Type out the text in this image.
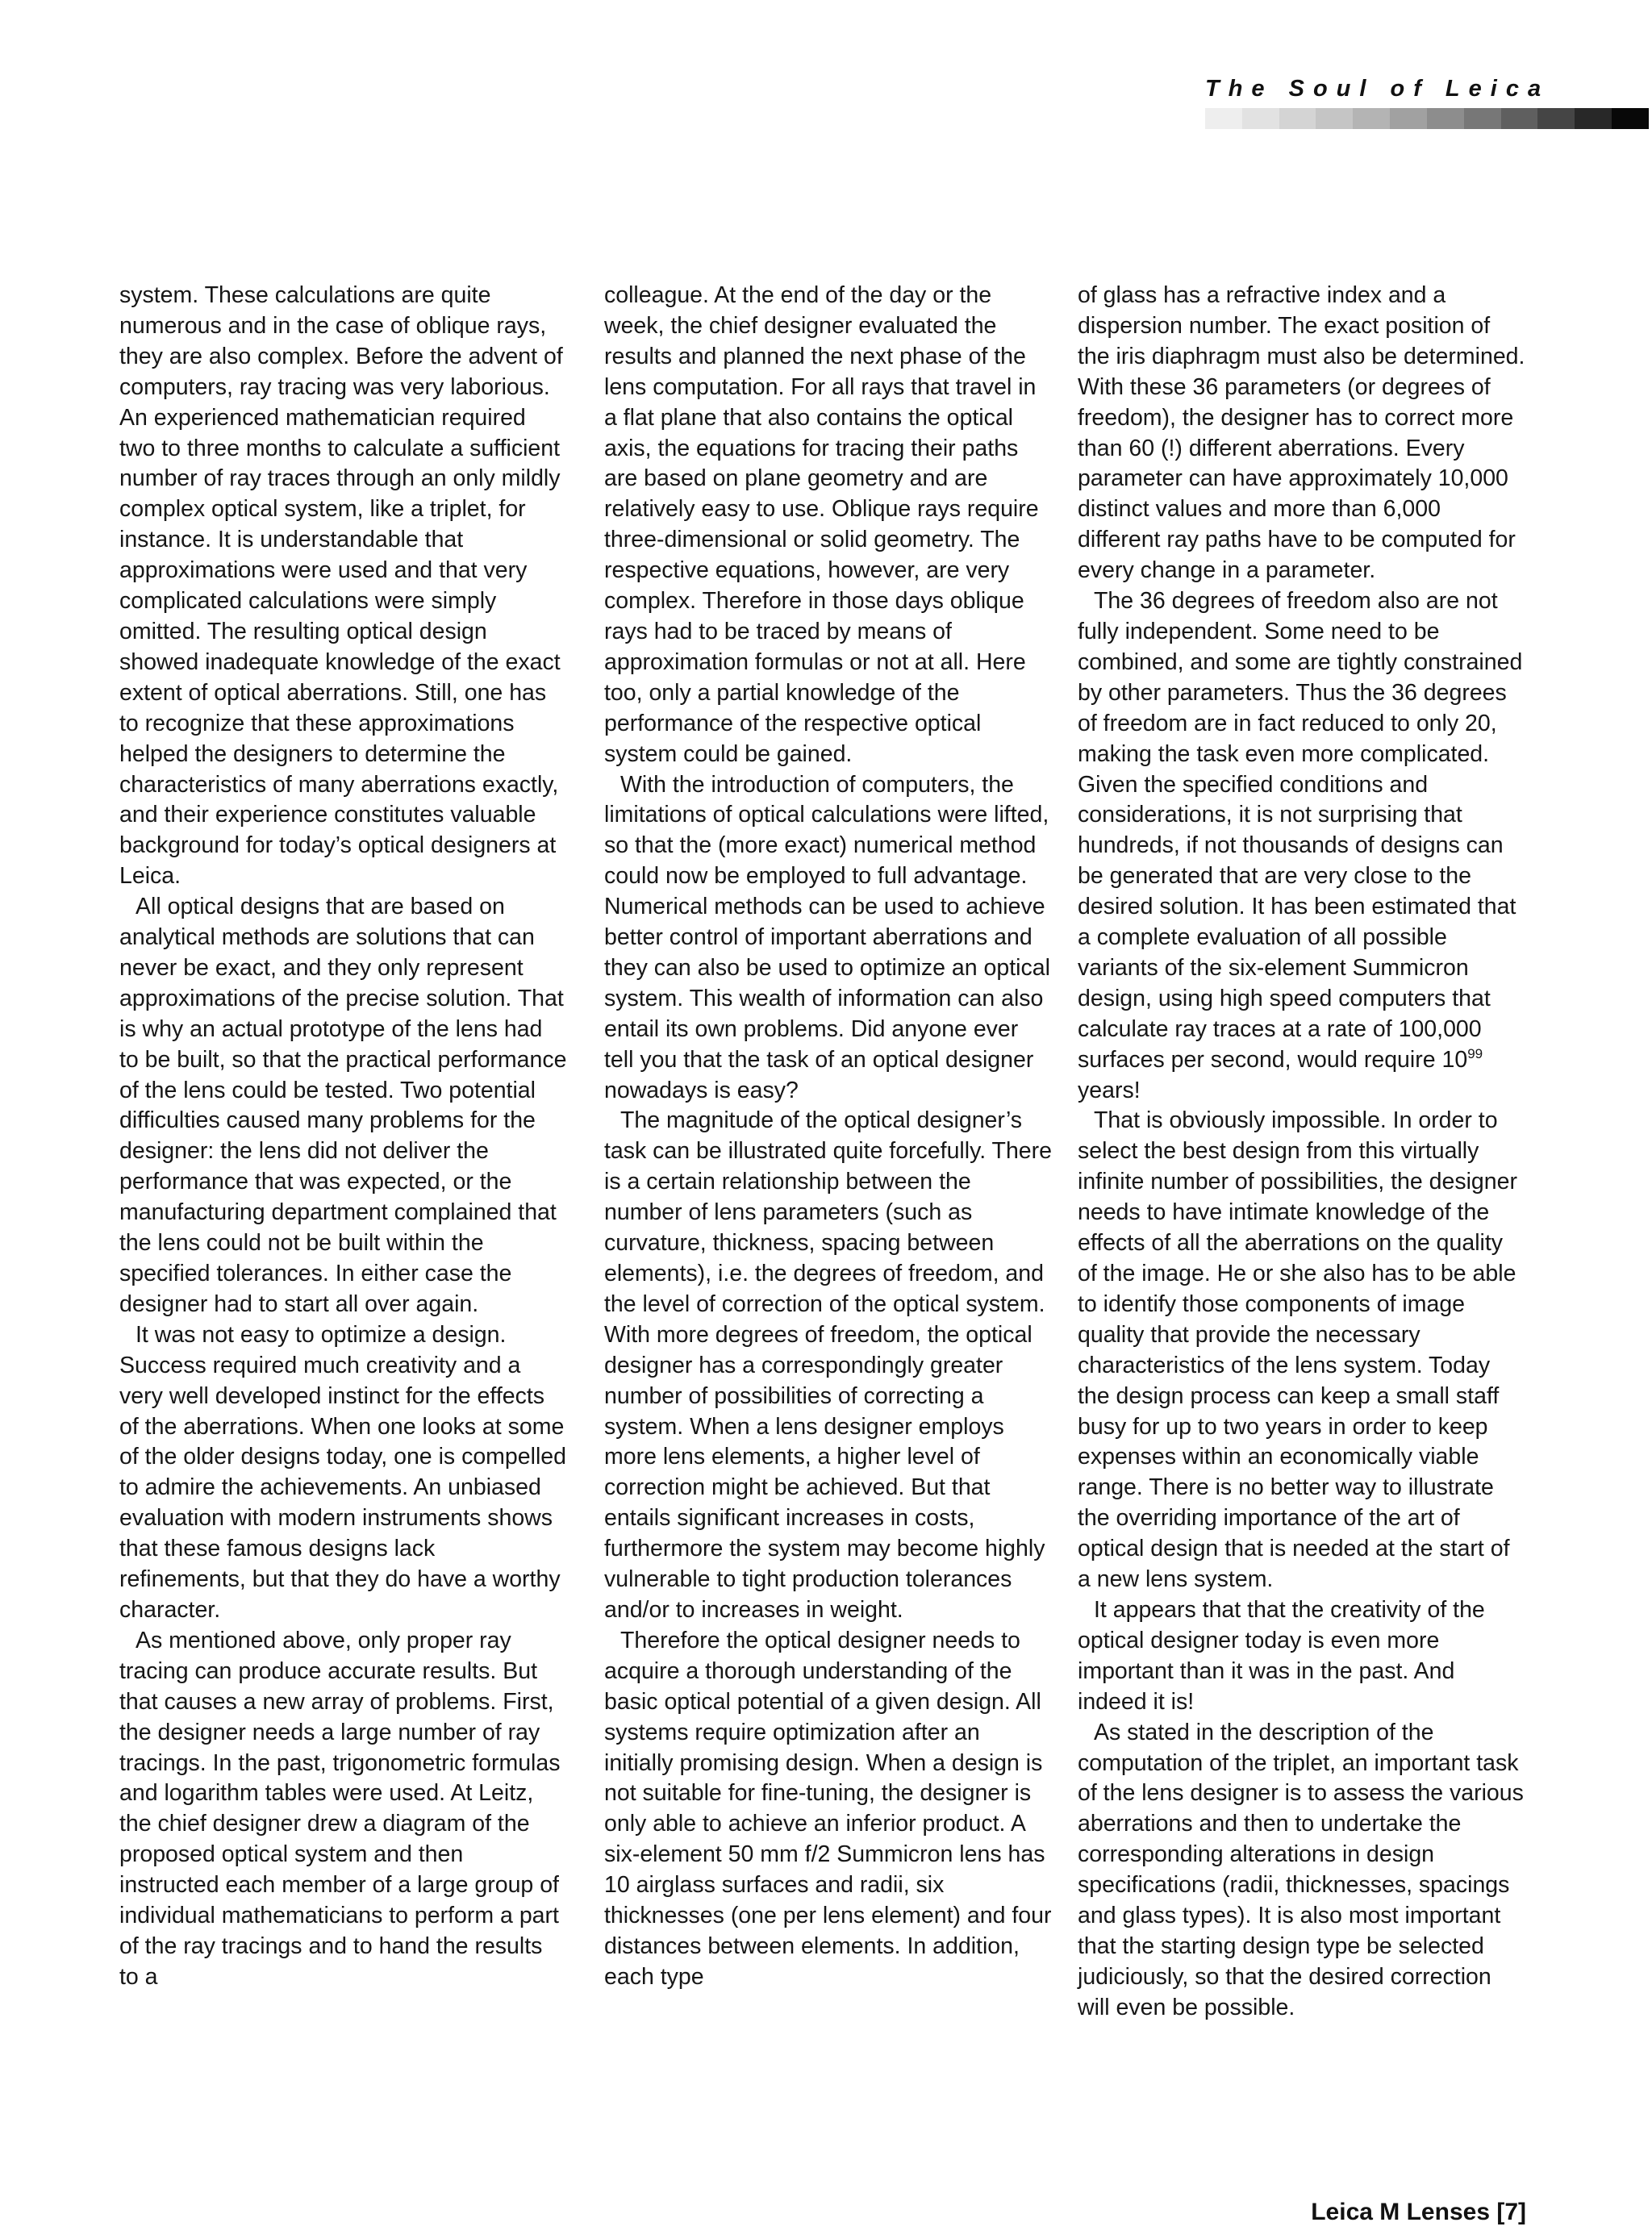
The Soul of Leica

system. These calculations are quite numerous and in the case of oblique rays, they are also complex. Before the advent of computers, ray tracing was very laborious. An experienced mathematician required two to three months to calculate a sufficient number of ray traces through an only mildly complex optical system, like a triplet, for instance. It is understandable that approximations were used and that very complicated calculations were simply omitted. The resulting optical design showed inadequate knowledge of the exact extent of optical aberrations. Still, one has to recognize that these approximations helped the designers to determine the characteristics of many aberrations exactly, and their experience constitutes valuable background for today’s optical designers at Leica.

All optical designs that are based on analytical methods are solutions that can never be exact, and they only represent approximations of the precise solution. That is why an actual prototype of the lens had to be built, so that the practical performance of the lens could be tested. Two potential difficulties caused many problems for the designer: the lens did not deliver the performance that was expected, or the manufacturing department complained that the lens could not be built within the specified tolerances. In either case the designer had to start all over again.

It was not easy to optimize a design. Success required much creativity and a very well developed instinct for the effects of the aberrations. When one looks at some of the older designs today, one is compelled to admire the achievements. An unbiased evaluation with modern instruments shows that these famous designs lack refinements, but that they do have a worthy character.

As mentioned above, only proper ray tracing can produce accurate results. But that causes a new array of problems. First, the designer needs a large number of ray tracings. In the past, trigonometric formulas and logarithm tables were used. At Leitz, the chief designer drew a diagram of the proposed optical system and then instructed each member of a large group of individual mathematicians to perform a part of the ray tracings and to hand the results to a

colleague. At the end of the day or the week, the chief designer evaluated the results and planned the next phase of the lens computation. For all rays that travel in a flat plane that also contains the optical axis, the equations for tracing their paths are based on plane geometry and are relatively easy to use. Oblique rays require three-dimensional or solid geometry. The respective equations, however, are very complex. Therefore in those days oblique rays had to be traced by means of approximation formulas or not at all. Here too, only a partial knowledge of the performance of the respective optical system could be gained.

With the introduction of computers, the limitations of optical calculations were lifted, so that the (more exact) numerical method could now be employed to full advantage. Numerical methods can be used to achieve better control of important aberrations and they can also be used to optimize an optical system. This wealth of information can also entail its own problems. Did anyone ever tell you that the task of an optical designer nowadays is easy?

The magnitude of the optical designer’s task can be illustrated quite forcefully. There is a certain relationship between the number of lens parameters (such as curvature, thickness, spacing between elements), i.e. the degrees of freedom, and the level of correction of the optical system. With more degrees of freedom, the optical designer has a correspondingly greater number of possibilities of correcting a system. When a lens designer employs more lens elements, a higher level of correction might be achieved. But that entails significant increases in costs, furthermore the system may become highly vulnerable to tight production tolerances and/or to increases in weight.

Therefore the optical designer needs to acquire a thorough understanding of the basic optical potential of a given design. All systems require optimization after an initially promising design. When a design is not suitable for fine-tuning, the designer is only able to achieve an inferior product. A six-element 50 mm f/2 Summicron lens has 10 airglass surfaces and radii, six thicknesses (one per lens element) and four distances between elements. In addition, each type

of glass has a refractive index and a dispersion number. The exact position of the iris diaphragm must also be determined. With these 36 parameters (or degrees of freedom), the designer has to correct more than 60 (!) different aberrations. Every parameter can have approximately 10,000 distinct values and more than 6,000 different ray paths have to be computed for every change in a parameter.

The 36 degrees of freedom also are not fully independent. Some need to be combined, and some are tightly constrained by other parameters. Thus the 36 degrees of freedom are in fact reduced to only 20, making the task even more complicated. Given the specified conditions and considerations, it is not surprising that hundreds, if not thousands of designs can be generated that are very close to the desired solution. It has been estimated that a complete evaluation of all possible variants of the six-element Summicron design, using high speed computers that calculate ray traces at a rate of 100,000 surfaces per second, would require $10^{99}$ years!

That is obviously impossible. In order to select the best design from this virtually infinite number of possibilities, the designer needs to have intimate knowledge of the effects of all the aberrations on the quality of the image. He or she also has to be able to identify those components of image quality that provide the necessary characteristics of the lens system. Today the design process can keep a small staff busy for up to two years in order to keep expenses within an economically viable range. There is no better way to illustrate the overriding importance of the art of optical design that is needed at the start of a new lens system.

It appears that that the creativity of the optical designer today is even more important than it was in the past. And indeed it is!

As stated in the description of the computation of the triplet, an important task of the lens designer is to assess the various aberrations and then to undertake the corresponding alterations in design specifications (radii, thicknesses, spacings and glass types). It is also most important that the starting design type be selected judiciously, so that the desired correction will even be possible.

Leica M Lenses [7]
